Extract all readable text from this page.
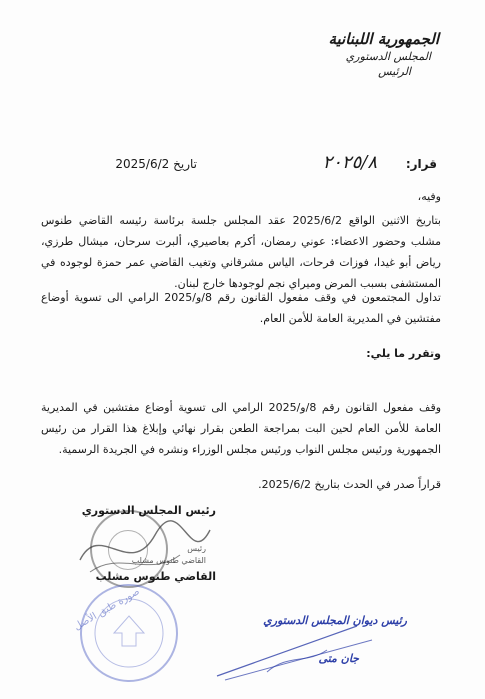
الجمهورية اللبنانية
المجلس الدستوري
الرئيس
قرار:
٢٠٢٥/٨
تاريخ 2025/6/2
وفيه،
بتاريخ الاثنين الواقع 2025/6/2 عقد المجلس جلسة برئاسة رئيسه القاضي طنوس مشلب وحضور الاعضاء: عوني رمضان، أكرم بعاصيري، ألبرت سرحان، ميشال طرزي، رياض أبو غيدا، فوزات فرحات، الياس مشرقاني وتغيب القاضي عمر حمزة لوجوده في المستشفى بسبب المرض وميراي نجم لوجودها خارج لبنان.
تداول المجتمعون في وقف مفعول القانون رقم 8/و/2025 الرامي الى تسوية أوضاع مفتشين في المديرية العامة للأمن العام.
وتقرر ما يلي:
وقف مفعول القانون رقم 8/و/2025 الرامي الى تسوية أوضاع مفتشين في المديرية العامة للأمن العام لحين البت بمراجعة الطعن بقرار نهائي وإبلاغ هذا القرار من رئيس الجمهورية ورئيس مجلس النواب ورئيس مجلس الوزراء ونشره في الجريدة الرسمية.
قراراً صدر في الحدث بتاريخ 2025/6/2.
رئيس المجلس الدستوري
رئيس
القاضي طنوس مشلب
القاضي طنوس مشلب
صورة طبق الأصل	رئيس ديوان المجلس الدستوري
جان متى
